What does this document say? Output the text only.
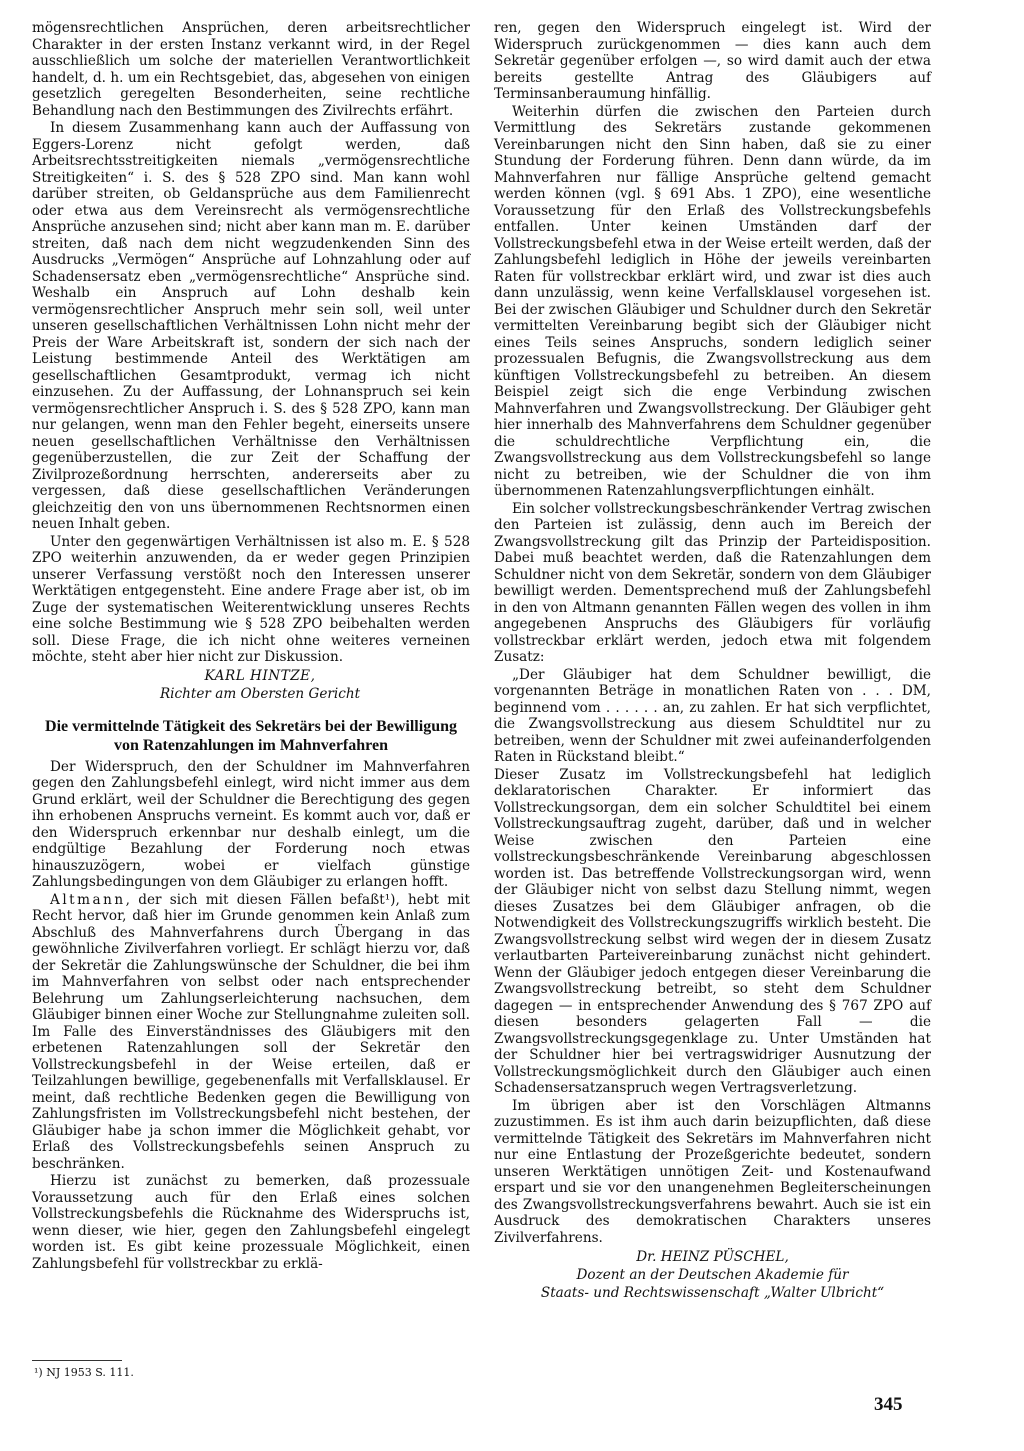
mögensrechtlichen Ansprüchen, deren arbeitsrechtlicher Charakter in der ersten Instanz verkannt wird, in der Regel ausschließlich um solche der materiellen Verantwortlichkeit handelt, d. h. um ein Rechtsgebiet, das, abgesehen von einigen gesetzlich geregelten Besonderheiten, seine rechtliche Behandlung nach den Bestimmungen des Zivilrechts erfährt.

In diesem Zusammenhang kann auch der Auffassung von Eggers-Lorenz nicht gefolgt werden, daß Arbeitsrechtsstreitigkeiten niemals „vermögensrechtliche Streitigkeiten“ i. S. des § 528 ZPO sind. Man kann wohl darüber streiten, ob Geldansprüche aus dem Familienrecht oder etwa aus dem Vereinsrecht als vermögensrechtliche Ansprüche anzusehen sind; nicht aber kann man m. E. darüber streiten, daß nach dem nicht wegzudenkenden Sinn des Ausdrucks „Vermögen“ Ansprüche auf Lohnzahlung oder auf Schadensersatz eben „vermögensrechtliche“ Ansprüche sind. Weshalb ein Anspruch auf Lohn deshalb kein vermögensrechtlicher Anspruch mehr sein soll, weil unter unseren gesellschaftlichen Verhältnissen Lohn nicht mehr der Preis der Ware Arbeitskraft ist, sondern der sich nach der Leistung bestimmende Anteil des Werktätigen am gesellschaftlichen Gesamtprodukt, vermag ich nicht einzusehen. Zu der Auffassung, der Lohnanspruch sei kein vermögensrechtlicher Anspruch i. S. des § 528 ZPO, kann man nur gelangen, wenn man den Fehler begeht, einerseits unsere neuen gesellschaftlichen Verhältnisse den Verhältnissen gegenüberzustellen, die zur Zeit der Schaffung der Zivilprozeßordnung herrschten, andererseits aber zu vergessen, daß diese gesellschaftlichen Veränderungen gleichzeitig den von uns übernommenen Rechtsnormen einen neuen Inhalt geben.

Unter den gegenwärtigen Verhältnissen ist also m. E. § 528 ZPO weiterhin anzuwenden, da er weder gegen Prinzipien unserer Verfassung verstößt noch den Interessen unserer Werktätigen entgegensteht. Eine andere Frage aber ist, ob im Zuge der systematischen Weiterentwicklung unseres Rechts eine solche Bestimmung wie § 528 ZPO beibehalten werden soll. Diese Frage, die ich nicht ohne weiteres verneinen möchte, steht aber hier nicht zur Diskussion.

KARL HINTZE,

Richter am Obersten Gericht

Die vermittelnde Tätigkeit des Sekretärs bei der Bewilligung von Ratenzahlungen im Mahnverfahren

Der Widerspruch, den der Schuldner im Mahnverfahren gegen den Zahlungsbefehl einlegt, wird nicht immer aus dem Grund erklärt, weil der Schuldner die Berechtigung des gegen ihn erhobenen Anspruchs verneint. Es kommt auch vor, daß er den Widerspruch erkennbar nur deshalb einlegt, um die endgültige Bezahlung der Forderung noch etwas hinauszuzögern, wobei er vielfach günstige Zahlungsbedingungen von dem Gläubiger zu erlangen hofft.

Altmann, der sich mit diesen Fällen befaßt¹), hebt mit Recht hervor, daß hier im Grunde genommen kein Anlaß zum Abschluß des Mahnverfahrens durch Übergang in das gewöhnliche Zivilverfahren vorliegt. Er schlägt hierzu vor, daß der Sekretär die Zahlungswünsche der Schuldner, die bei ihm im Mahnverfahren von selbst oder nach entsprechender Belehrung um Zahlungserleichterung nachsuchen, dem Gläubiger binnen einer Woche zur Stellungnahme zuleiten soll. Im Falle des Einverständnisses des Gläubigers mit den erbetenen Ratenzahlungen soll der Sekretär den Vollstreckungsbefehl in der Weise erteilen, daß er Teilzahlungen bewillige, gegebenenfalls mit Verfallsklausel. Er meint, daß rechtliche Bedenken gegen die Bewilligung von Zahlungsfristen im Vollstreckungsbefehl nicht bestehen, der Gläubiger habe ja schon immer die Möglichkeit gehabt, vor Erlaß des Vollstreckungsbefehls seinen Anspruch zu beschränken.

Hierzu ist zunächst zu bemerken, daß prozessuale Voraussetzung auch für den Erlaß eines solchen Vollstreckungsbefehls die Rücknahme des Widerspruchs ist, wenn dieser, wie hier, gegen den Zahlungsbefehl eingelegt worden ist. Es gibt keine prozessuale Möglichkeit, einen Zahlungsbefehl für vollstreckbar zu erklä-

ren, gegen den Widerspruch eingelegt ist. Wird der Widerspruch zurückgenommen — dies kann auch dem Sekretär gegenüber erfolgen —, so wird damit auch der etwa bereits gestellte Antrag des Gläubigers auf Terminsanberaumung hinfällig.

Weiterhin dürfen die zwischen den Parteien durch Vermittlung des Sekretärs zustande gekommenen Vereinbarungen nicht den Sinn haben, daß sie zu einer Stundung der Forderung führen. Denn dann würde, da im Mahnverfahren nur fällige Ansprüche geltend gemacht werden können (vgl. § 691 Abs. 1 ZPO), eine wesentliche Voraussetzung für den Erlaß des Vollstreckungsbefehls entfallen. Unter keinen Umständen darf der Vollstreckungsbefehl etwa in der Weise erteilt werden, daß der Zahlungsbefehl lediglich in Höhe der jeweils vereinbarten Raten für vollstreckbar erklärt wird, und zwar ist dies auch dann unzulässig, wenn keine Verfallsklausel vorgesehen ist. Bei der zwischen Gläubiger und Schuldner durch den Sekretär vermittelten Vereinbarung begibt sich der Gläubiger nicht eines Teils seines Anspruchs, sondern lediglich seiner prozessualen Befugnis, die Zwangsvollstreckung aus dem künftigen Vollstreckungsbefehl zu betreiben. An diesem Beispiel zeigt sich die enge Verbindung zwischen Mahnverfahren und Zwangsvollstreckung. Der Gläubiger geht hier innerhalb des Mahnverfahrens dem Schuldner gegenüber die schuldrechtliche Verpflichtung ein, die Zwangsvollstreckung aus dem Vollstreckungsbefehl so lange nicht zu betreiben, wie der Schuldner die von ihm übernommenen Ratenzahlungsverpflichtungen einhält.

Ein solcher vollstreckungsbeschränkender Vertrag zwischen den Parteien ist zulässig, denn auch im Bereich der Zwangsvollstreckung gilt das Prinzip der Parteidisposition. Dabei muß beachtet werden, daß die Ratenzahlungen dem Schuldner nicht von dem Sekretär, sondern von dem Gläubiger bewilligt werden. Dementsprechend muß der Zahlungsbefehl in den von Altmann genannten Fällen wegen des vollen in ihm angegebenen Anspruchs des Gläubigers für vorläufig vollstreckbar erklärt werden, jedoch etwa mit folgendem Zusatz:

„Der Gläubiger hat dem Schuldner bewilligt, die vorgenannten Beträge in monatlichen Raten von . . . DM, beginnend vom . . . . . . an, zu zahlen. Er hat sich verpflichtet, die Zwangsvollstreckung aus diesem Schuldtitel nur zu betreiben, wenn der Schuldner mit zwei aufeinanderfolgenden Raten in Rückstand bleibt.“

Dieser Zusatz im Vollstreckungsbefehl hat lediglich deklaratorischen Charakter. Er informiert das Vollstreckungsorgan, dem ein solcher Schuldtitel bei einem Vollstreckungsauftrag zugeht, darüber, daß und in welcher Weise zwischen den Parteien eine vollstreckungsbeschränkende Vereinbarung abgeschlossen worden ist. Das betreffende Vollstreckungsorgan wird, wenn der Gläubiger nicht von selbst dazu Stellung nimmt, wegen dieses Zusatzes bei dem Gläubiger anfragen, ob die Notwendigkeit des Vollstreckungszugriffs wirklich besteht. Die Zwangsvollstreckung selbst wird wegen der in diesem Zusatz verlautbarten Parteivereinbarung zunächst nicht gehindert. Wenn der Gläubiger jedoch entgegen dieser Vereinbarung die Zwangsvollstreckung betreibt, so steht dem Schuldner dagegen — in entsprechender Anwendung des § 767 ZPO auf diesen besonders gelagerten Fall — die Zwangsvollstreckungsgegenklage zu. Unter Umständen hat der Schuldner hier bei vertragswidriger Ausnutzung der Vollstreckungsmöglichkeit durch den Gläubiger auch einen Schadensersatzanspruch wegen Vertragsverletzung.

Im übrigen aber ist den Vorschlägen Altmanns zuzustimmen. Es ist ihm auch darin beizupflichten, daß diese vermittelnde Tätigkeit des Sekretärs im Mahnverfahren nicht nur eine Entlastung der Prozeßgerichte bedeutet, sondern unseren Werktätigen unnötigen Zeit- und Kostenaufwand erspart und sie vor den unangenehmen Begleiterscheinungen des Zwangsvollstreckungsverfahrens bewahrt. Auch sie ist ein Ausdruck des demokratischen Charakters unseres Zivilverfahrens.

Dr. HEINZ PÜSCHEL,

Dozent an der Deutschen Akademie für

Staats- und Rechtswissenschaft „Walter Ulbricht“

¹) NJ 1953 S. 111.
345
